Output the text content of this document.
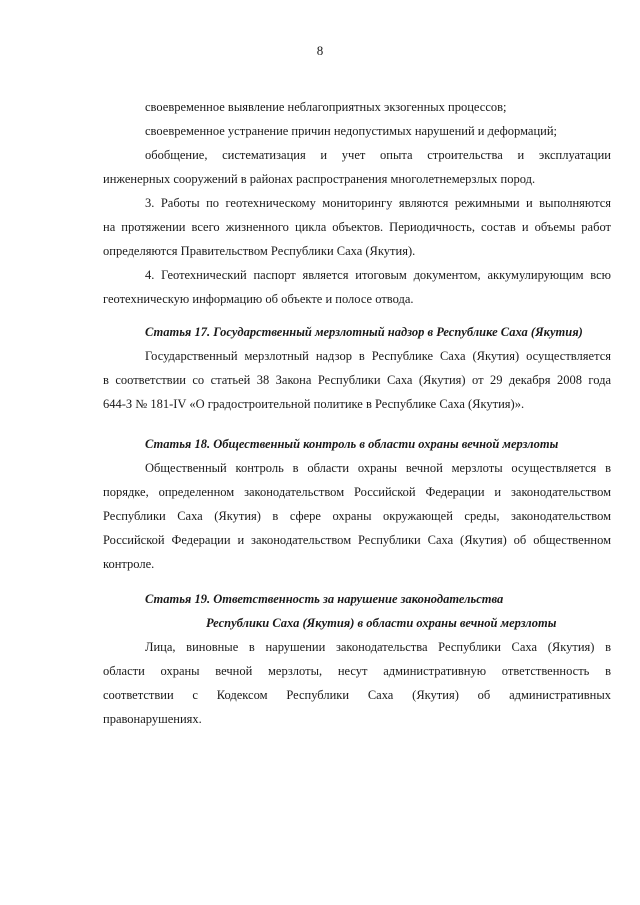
8
своевременное выявление неблагоприятных экзогенных процессов;
своевременное устранение причин недопустимых нарушений и деформаций;
обобщение, систематизация и учет опыта строительства и эксплуатации
инженерных сооружений в районах распространения многолетнемерзлых пород.
3. Работы по геотехническому мониторингу являются режимными и выполняются
на протяжении всего жизненного цикла объектов. Периодичность, состав и объемы работ
определяются Правительством Республики Саха (Якутия).
4. Геотехнический паспорт является итоговым документом, аккумулирующим всю
геотехническую информацию об объекте и полосе отвода.
Статья 17. Государственный мерзлотный надзор в Республике Саха (Якутия)
Государственный мерзлотный надзор в Республике Саха (Якутия) осуществляется
в соответствии со статьей 38 Закона Республики Саха (Якутия) от 29 декабря 2008 года
644-З № 181-IV «О градостроительной политике в Республике Саха (Якутия)».
Статья 18. Общественный контроль в области охраны вечной мерзлоты
Общественный контроль в области охраны вечной мерзлоты осуществляется в
порядке, определенном законодательством Российской Федерации и законодательством
Республики Саха (Якутия) в сфере охраны окружающей среды, законодательством
Российской Федерации и законодательством Республики Саха (Якутия) об общественном
контроле.
Статья 19. Ответственность за нарушение законодательства
Республики Саха (Якутия) в области охраны вечной мерзлоты
Лица, виновные в нарушении законодательства Республики Саха (Якутия) в
области охраны вечной мерзлоты, несут административную ответственность в
соответствии с Кодексом Республики Саха (Якутия) об административных
правонарушениях.
